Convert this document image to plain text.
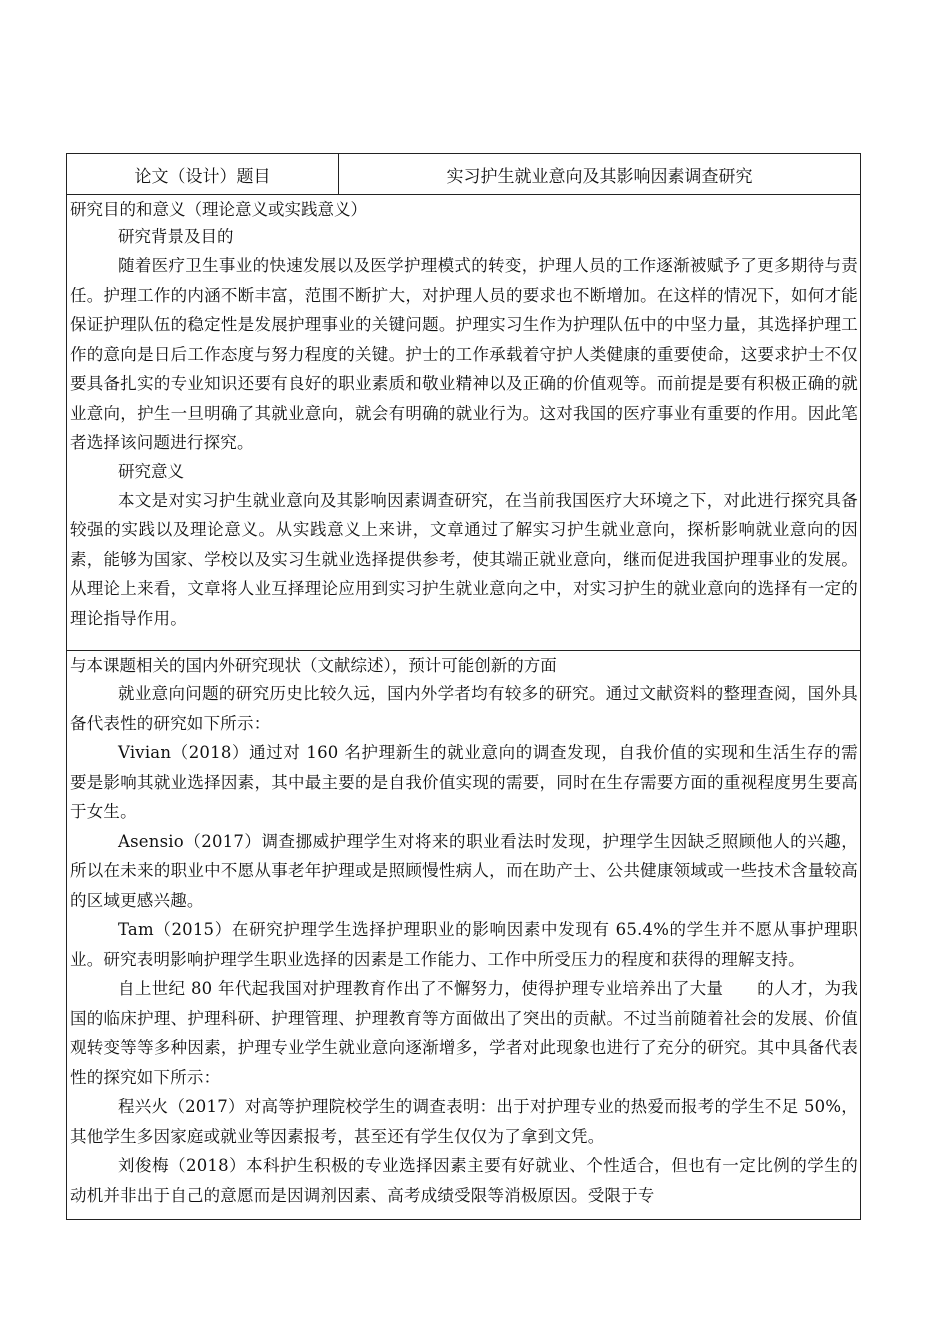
论文（设计）题目	实习护生就业意向及其影响因素调查研究

研究目的和意义（理论意义或实践意义）

研究背景及目的

随着医疗卫生事业的快速发展以及医学护理模式的转变，护理人员的工作逐渐被赋予了更多期待与责任。护理工作的内涵不断丰富，范围不断扩大，对护理人员的要求也不断增加。在这样的情况下，如何才能保证护理队伍的稳定性是发展护理事业的关键问题。护理实习生作为护理队伍中的中坚力量，其选择护理工作的意向是日后工作态度与努力程度的关键。护士的工作承载着守护人类健康的重要使命，这要求护士不仅要具备扎实的专业知识还要有良好的职业素质和敬业精神以及正确的价值观等。而前提是要有积极正确的就业意向，护生一旦明确了其就业意向，就会有明确的就业行为。这对我国的医疗事业有重要的作用。因此笔者选择该问题进行探究。

研究意义

本文是对实习护生就业意向及其影响因素调查研究，在当前我国医疗大环境之下，对此进行探究具备较强的实践以及理论意义。从实践意义上来讲，文章通过了解实习护生就业意向，探析影响就业意向的因素，能够为国家、学校以及实习生就业选择提供参考，使其端正就业意向，继而促进我国护理事业的发展。从理论上来看，文章将人业互择理论应用到实习护生就业意向之中，对实习护生的就业意向的选择有一定的理论指导作用。

与本课题相关的国内外研究现状（文献综述），预计可能创新的方面

就业意向问题的研究历史比较久远，国内外学者均有较多的研究。通过文献资料的整理查阅，国外具备代表性的研究如下所示：

Vivian（2018）通过对 160 名护理新生的就业意向的调查发现，自我价值的实现和生活生存的需要是影响其就业选择因素，其中最主要的是自我价值实现的需要，同时在生存需要方面的重视程度男生要高于女生。

Asensio（2017）调查挪威护理学生对将来的职业看法时发现，护理学生因缺乏照顾他人的兴趣，所以在未来的职业中不愿从事老年护理或是照顾慢性病人，而在助产士、公共健康领域或一些技术含量较高的区域更感兴趣。

Tam（2015）在研究护理学生选择护理职业的影响因素中发现有 65.4%的学生并不愿从事护理职业。研究表明影响护理学生职业选择的因素是工作能力、工作中所受压力的程度和获得的理解支持。

自上世纪 80 年代起我国对护理教育作出了不懈努力，使得护理专业培养出了大量　　的人才，为我国的临床护理、护理科研、护理管理、护理教育等方面做出了突出的贡献。不过当前随着社会的发展、价值观转变等等多种因素，护理专业学生就业意向逐渐增多，学者对此现象也进行了充分的研究。其中具备代表性的探究如下所示：

程兴火（2017）对高等护理院校学生的调查表明：出于对护理专业的热爱而报考的学生不足 50%，其他学生多因家庭或就业等因素报考，甚至还有学生仅仅为了拿到文凭。

刘俊梅（2018）本科护生积极的专业选择因素主要有好就业、个性适合，但也有一定比例的学生的动机并非出于自己的意愿而是因调剂因素、高考成绩受限等消极原因。受限于专
